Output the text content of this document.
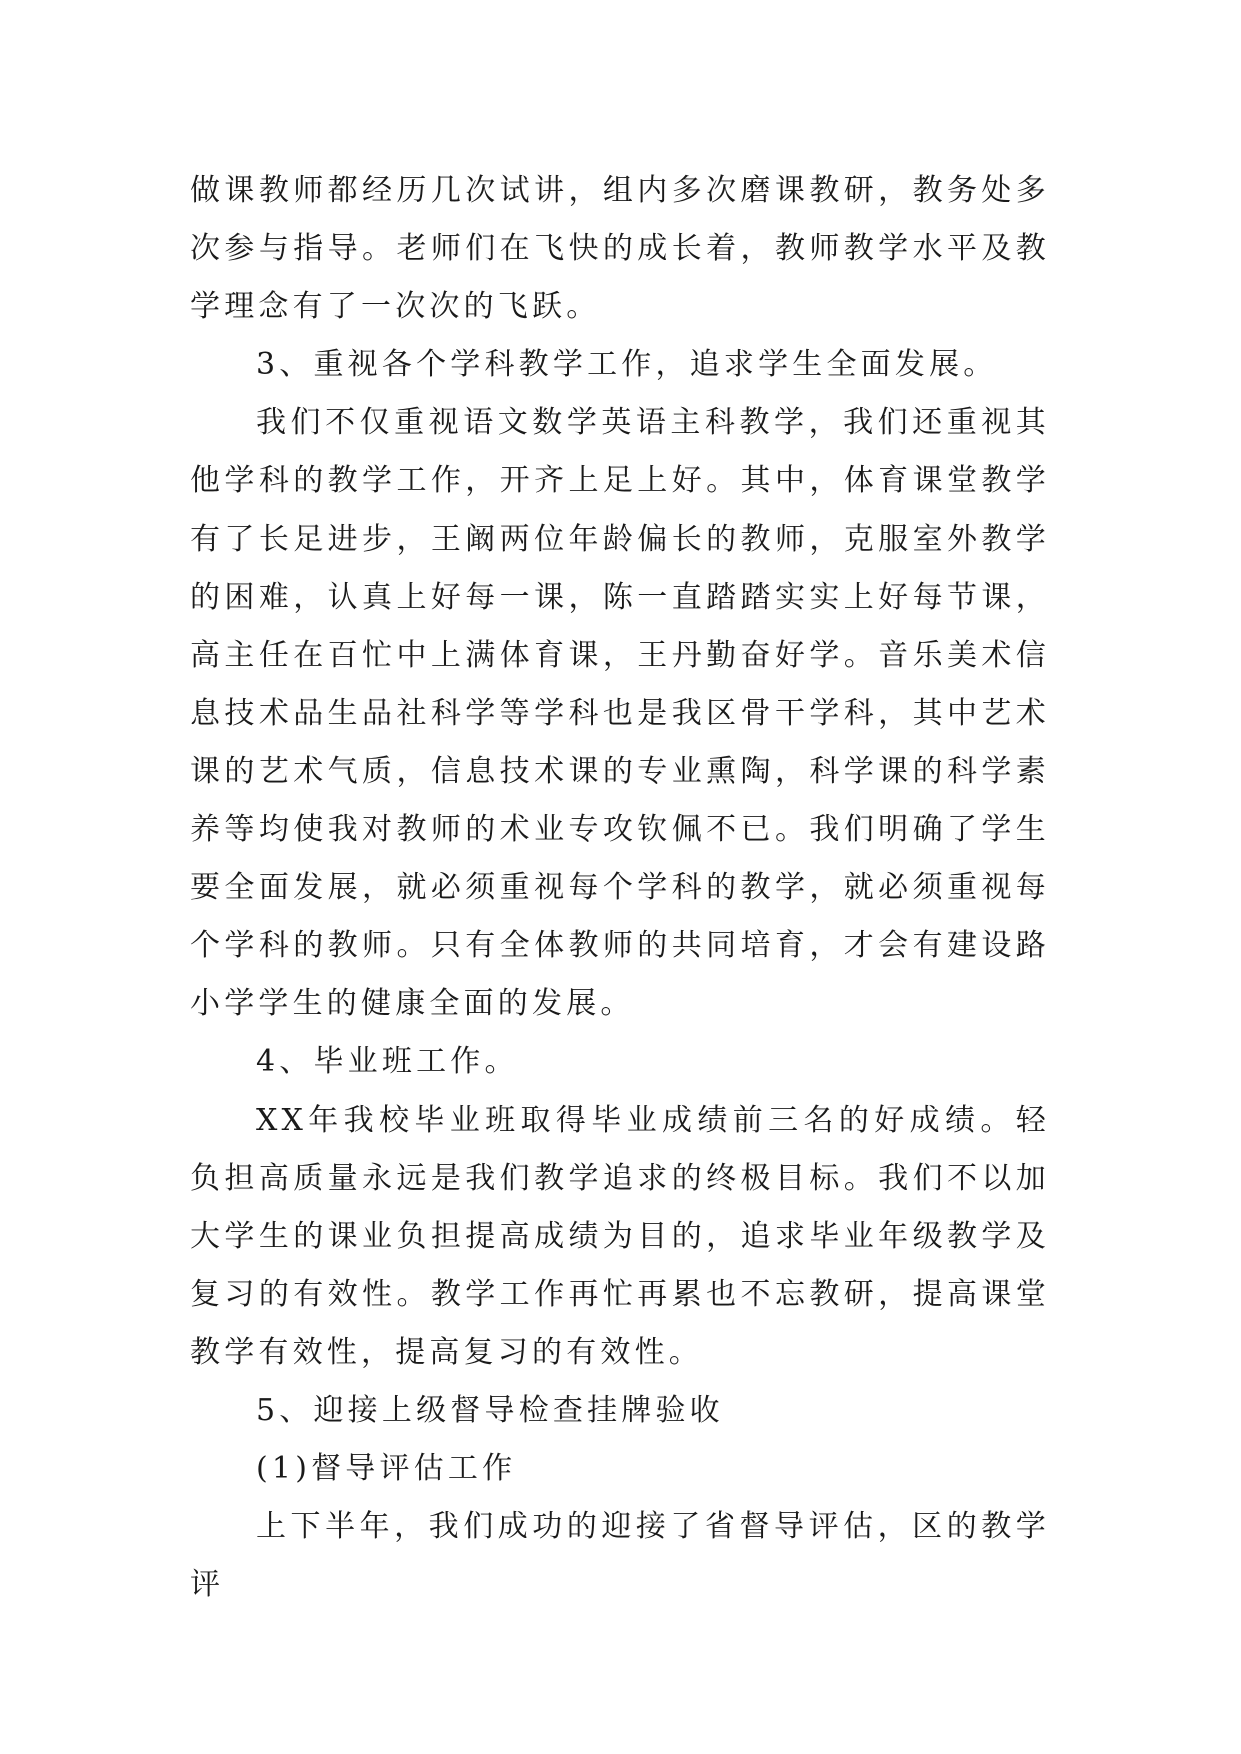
做课教师都经历几次试讲，组内多次磨课教研，教务处多次参与指导。老师们在飞快的成长着，教师教学水平及教学理念有了一次次的飞跃。

3、重视各个学科教学工作，追求学生全面发展。

我们不仅重视语文数学英语主科教学，我们还重视其他学科的教学工作，开齐上足上好。其中，体育课堂教学有了长足进步，王阚两位年龄偏长的教师，克服室外教学的困难，认真上好每一课，陈一直踏踏实实上好每节课，高主任在百忙中上满体育课，王丹勤奋好学。音乐美术信息技术品生品社科学等学科也是我区骨干学科，其中艺术课的艺术气质，信息技术课的专业熏陶，科学课的科学素养等均使我对教师的术业专攻钦佩不已。我们明确了学生要全面发展，就必须重视每个学科的教学，就必须重视每个学科的教师。只有全体教师的共同培育，才会有建设路小学学生的健康全面的发展。

4、毕业班工作。

XX年我校毕业班取得毕业成绩前三名的好成绩。轻负担高质量永远是我们教学追求的终极目标。我们不以加大学生的课业负担提高成绩为目的，追求毕业年级教学及复习的有效性。教学工作再忙再累也不忘教研，提高课堂教学有效性，提高复习的有效性。

5、迎接上级督导检查挂牌验收

(1)督导评估工作

上下半年，我们成功的迎接了省督导评估，区的教学评
